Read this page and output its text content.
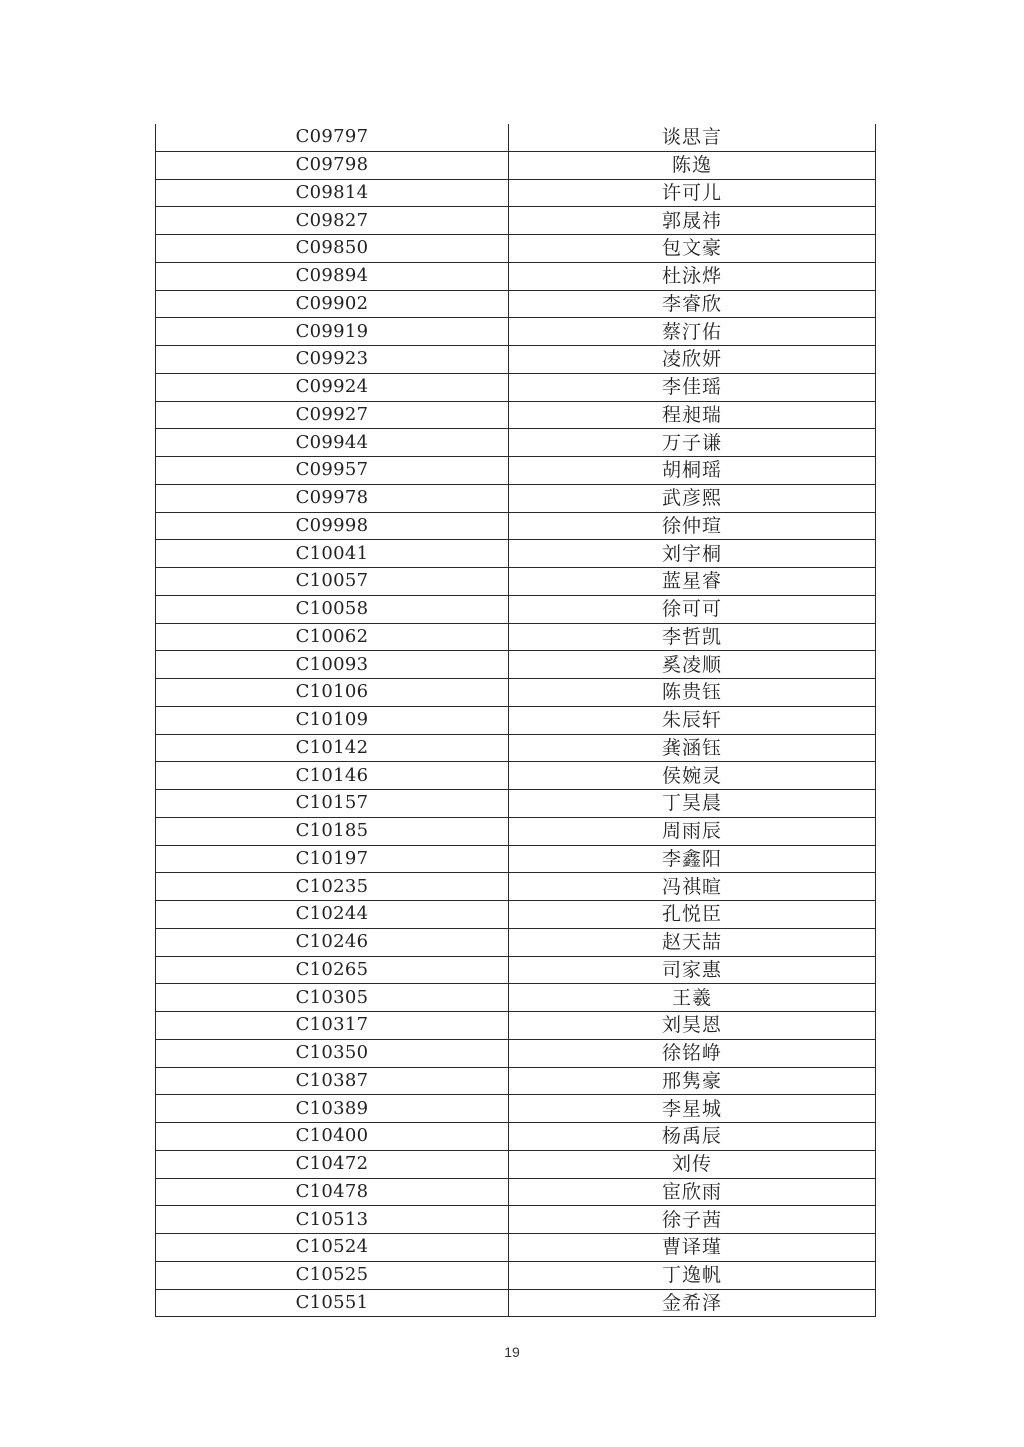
C09797	谈思言
C09798	陈逸
C09814	许可儿
C09827	郭晟祎
C09850	包文豪
C09894	杜泳烨
C09902	李睿欣
C09919	蔡汀佑
C09923	凌欣妍
C09924	李佳瑶
C09927	程昶瑞
C09944	万子谦
C09957	胡桐瑶
C09978	武彦熙
C09998	徐仲瑄
C10041	刘宇桐
C10057	蓝星睿
C10058	徐可可
C10062	李哲凯
C10093	奚凌顺
C10106	陈贵钰
C10109	朱辰轩
C10142	龚涵钰
C10146	侯婉灵
C10157	丁昊晨
C10185	周雨辰
C10197	李鑫阳
C10235	冯祺暄
C10244	孔悦臣
C10246	赵天喆
C10265	司家惠
C10305	王羲
C10317	刘昊恩
C10350	徐铭峥
C10387	邢隽豪
C10389	李星城
C10400	杨禹辰
C10472	刘传
C10478	宦欣雨
C10513	徐子茜
C10524	曹译瑾
C10525	丁逸帆
C10551	金希泽
19
